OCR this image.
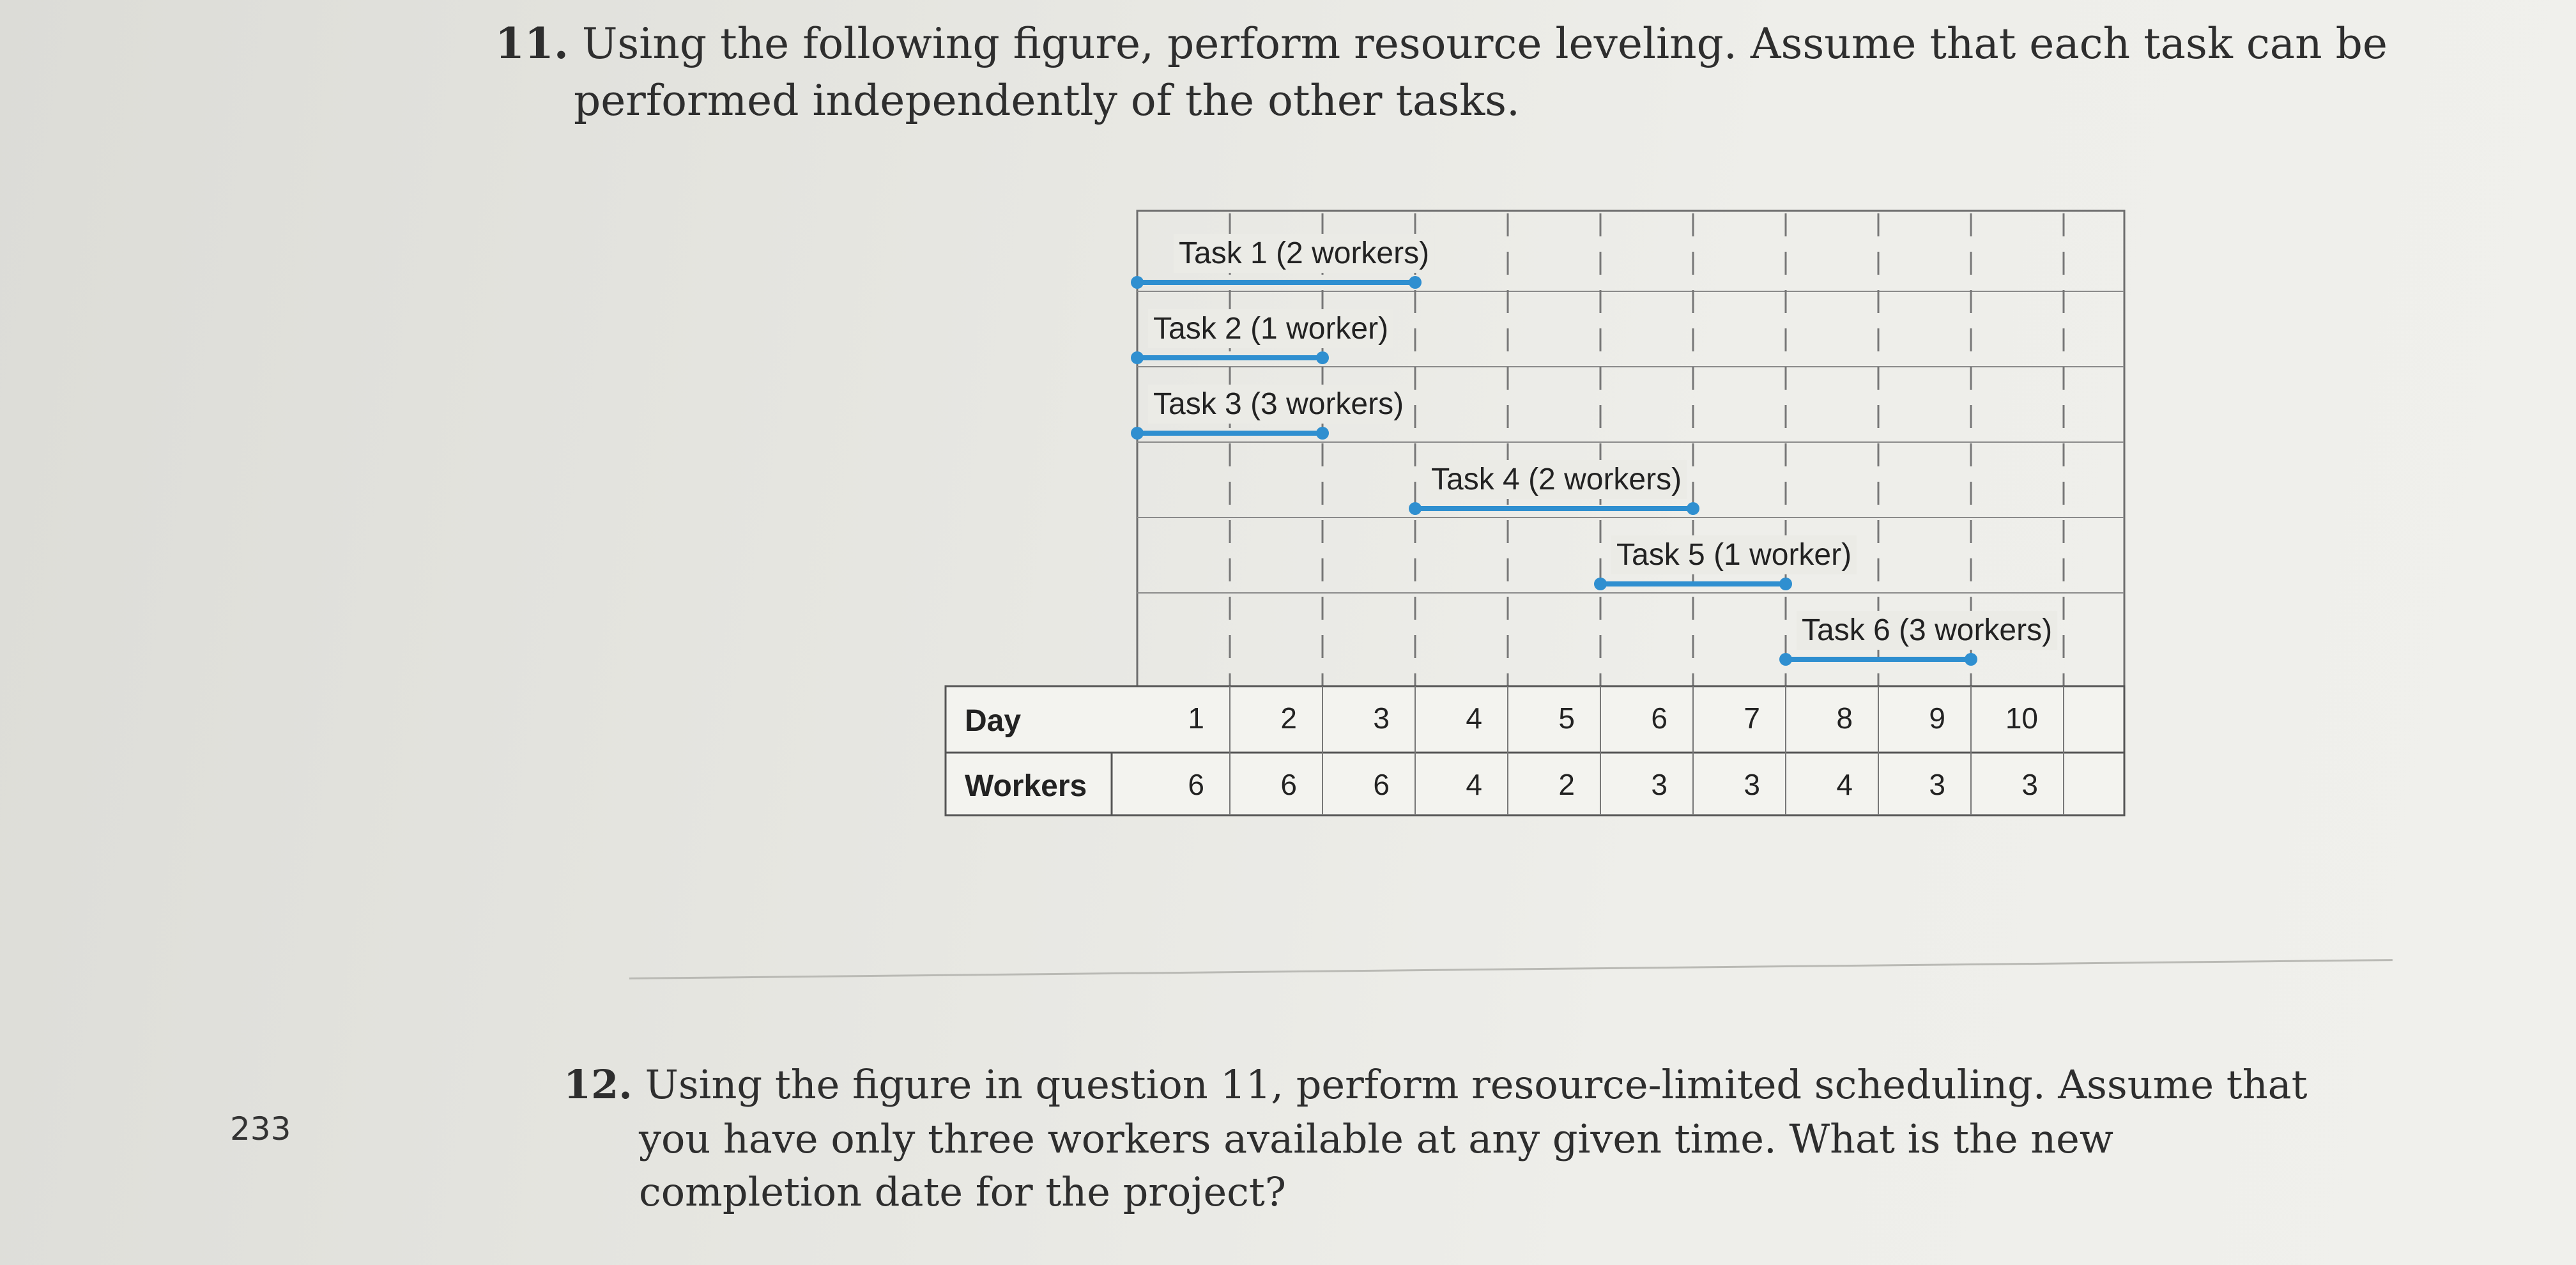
11. Using the following figure, perform resource leveling. Assume that each task can be
performed independently of the other tasks.
Task 1 (2 workers)
Task 2 (1 worker)
Task 3 (3 workers)
Task 4 (2 workers)
Task 5 (1 worker)
Task 6 (3 workers)
Day
Workers
1
6
2
6
3
6
4
4
5
2
6
3
7
3
8
4
9
3
10
3
233
12. Using the figure in question 11, perform resource-limited scheduling. Assume that
you have only three workers available at any given time. What is the new
completion date for the project?
